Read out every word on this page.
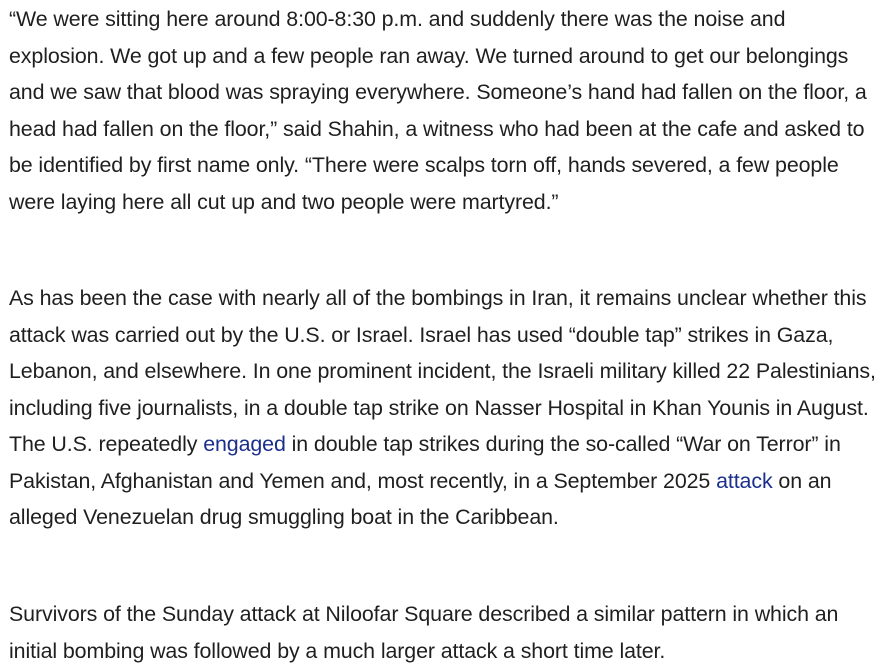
“We were sitting here around 8:00-8:30 p.m. and suddenly there was the noise and explosion. We got up and a few people ran away. We turned around to get our belongings and we saw that blood was spraying everywhere. Someone’s hand had fallen on the floor, a head had fallen on the floor,” said Shahin, a witness who had been at the cafe and asked to be identified by first name only. “There were scalps torn off, hands severed, a few people were laying here all cut up and two people were martyred.”

As has been the case with nearly all of the bombings in Iran, it remains unclear whether this attack was carried out by the U.S. or Israel. Israel has used “double tap” strikes in Gaza, Lebanon, and elsewhere. In one prominent incident, the Israeli military killed 22 Palestinians, including five journalists, in a double tap strike on Nasser Hospital in Khan Younis in August. The U.S. repeatedly engaged in double tap strikes during the so-called “War on Terror” in Pakistan, Afghanistan and Yemen and, most recently, in a September 2025 attack on an alleged Venezuelan drug smuggling boat in the Caribbean.

Survivors of the Sunday attack at Niloofar Square described a similar pattern in which an initial bombing was followed by a much larger attack a short time later.
